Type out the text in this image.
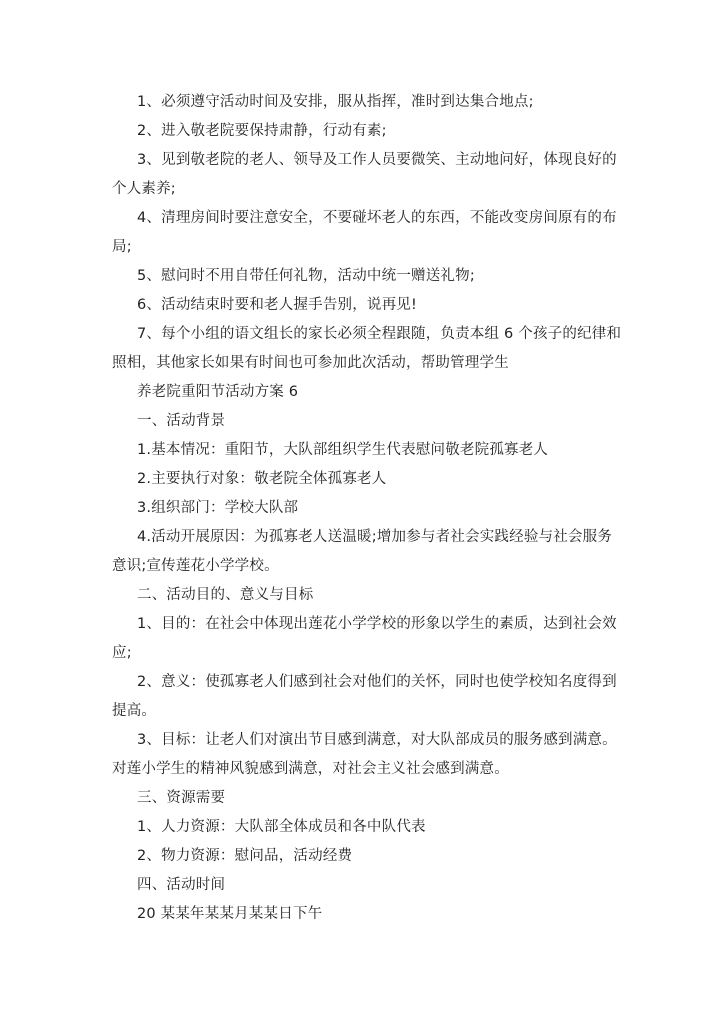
1、必须遵守活动时间及安排，服从指挥，准时到达集合地点;
2、进入敬老院要保持肃静，行动有素;
3、见到敬老院的老人、领导及工作人员要微笑、主动地问好，体现良好的
个人素养;
4、清理房间时要注意安全，不要碰坏老人的东西，不能改变房间原有的布
局;
5、慰问时不用自带任何礼物，活动中统一赠送礼物;
6、活动结束时要和老人握手告别，说再见!
7、每个小组的语文组长的家长必须全程跟随，负责本组 6 个孩子的纪律和
照相，其他家长如果有时间也可参加此次活动，帮助管理学生
养老院重阳节活动方案 6
一、活动背景
1.基本情况：重阳节，大队部组织学生代表慰问敬老院孤寡老人
2.主要执行对象：敬老院全体孤寡老人
3.组织部门：学校大队部
4.活动开展原因：为孤寡老人送温暖;增加参与者社会实践经验与社会服务
意识;宣传莲花小学学校。
二、活动目的、意义与目标
1、目的：在社会中体现出莲花小学学校的形象以学生的素质，达到社会效
应;
2、意义：使孤寡老人们感到社会对他们的关怀，同时也使学校知名度得到
提高。
3、目标：让老人们对演出节目感到满意，对大队部成员的服务感到满意。
对莲小学生的精神风貌感到满意，对社会主义社会感到满意。
三、资源需要
1、人力资源：大队部全体成员和各中队代表
2、物力资源：慰问品，活动经费
四、活动时间
20 某某年某某月某某日下午
